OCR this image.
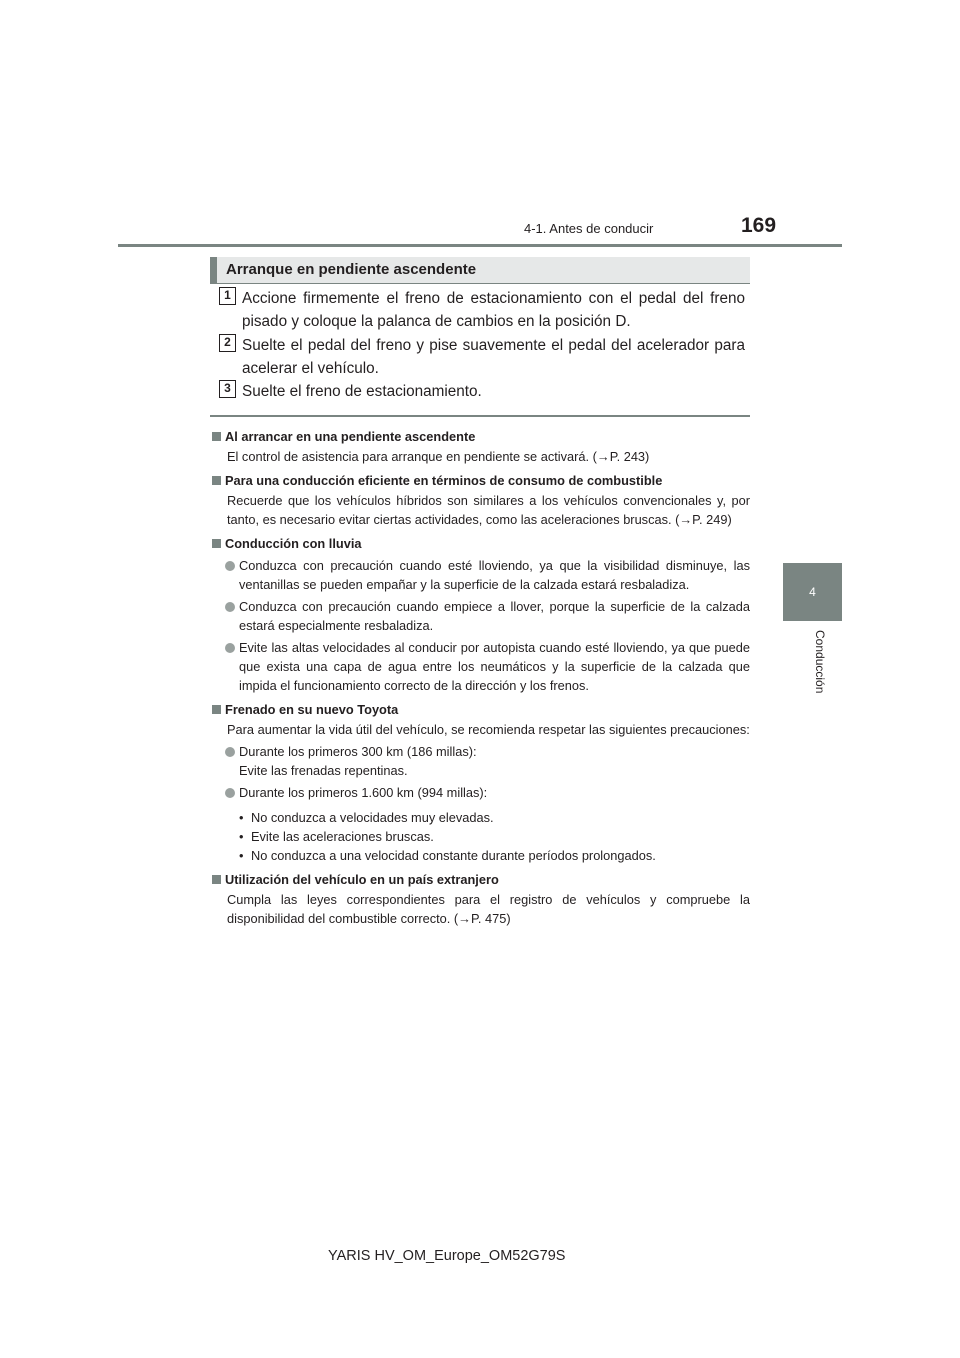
4-1. Antes de conducir	169
4
Conducción
Arranque en pendiente ascendente
1 Accione firmemente el freno de estacionamiento con el pedal del freno pisado y coloque la palanca de cambios en la posición D.
2 Suelte el pedal del freno y pise suavemente el pedal del acelerador para acelerar el vehículo.
3 Suelte el freno de estacionamiento.
Al arrancar en una pendiente ascendente
El control de asistencia para arranque en pendiente se activará. (→P. 243)
Para una conducción eficiente en términos de consumo de combustible
Recuerde que los vehículos híbridos son similares a los vehículos convencionales y, por tanto, es necesario evitar ciertas actividades, como las aceleraciones bruscas. (→P. 249)
Conducción con lluvia
Conduzca con precaución cuando esté lloviendo, ya que la visibilidad disminuye, las ventanillas se pueden empañar y la superficie de la calzada estará resbaladiza.
Conduzca con precaución cuando empiece a llover, porque la superficie de la calzada estará especialmente resbaladiza.
Evite las altas velocidades al conducir por autopista cuando esté lloviendo, ya que puede que exista una capa de agua entre los neumáticos y la superficie de la calzada que impida el funcionamiento correcto de la dirección y los frenos.
Frenado en su nuevo Toyota
Para aumentar la vida útil del vehículo, se recomienda respetar las siguientes precauciones:
Durante los primeros 300 km (186 millas):
Evite las frenadas repentinas.
Durante los primeros 1.600 km (994 millas):
• No conduzca a velocidades muy elevadas.
• Evite las aceleraciones bruscas.
• No conduzca a una velocidad constante durante períodos prolongados.
Utilización del vehículo en un país extranjero
Cumpla las leyes correspondientes para el registro de vehículos y compruebe la disponibilidad del combustible correcto. (→P. 475)
YARIS HV_OM_Europe_OM52G79S
